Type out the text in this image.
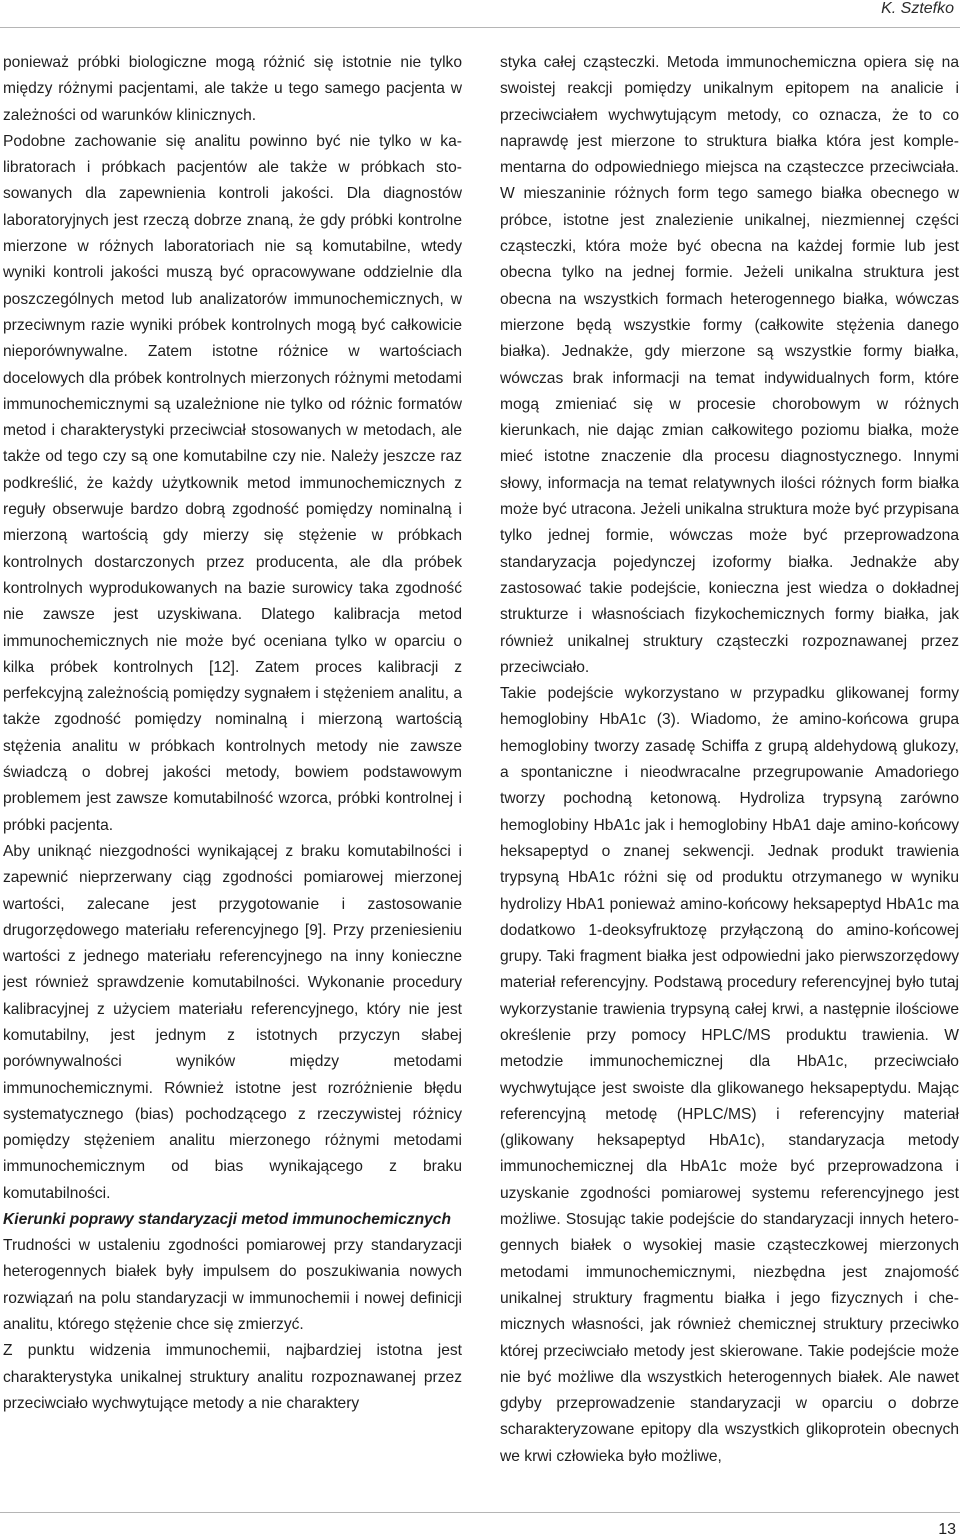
K. Sztefko

ponieważ próbki biologiczne mogą różnić się istotnie nie tylko między różnymi pacjentami, ale także u tego samego pacjenta w zależności od warunków klinicznych.

Podobne zachowanie się analitu powinno być nie tylko w kalibratorach i próbkach pacjentów ale także w próbkach stosowanych dla zapewnienia kontroli jakości. Dla diagnostów laboratoryjnych jest rzeczą dobrze znaną, że gdy próbki kontrolne mierzone w różnych laboratoriach nie są komutabilne, wtedy wyniki kontroli jakości muszą być opracowywane oddzielnie dla poszczególnych metod lub analizatorów immunochemicznych, w przeciwnym razie wyniki próbek kontrolnych mogą być całkowicie nieporównywalne. Zatem istotne różnice w wartościach docelowych dla próbek kontrolnych mierzonych różnymi metodami immunochemicznymi są uzależnione nie tylko od różnic formatów metod i charakterystyki przeciwciał stosowanych w metodach, ale także od tego czy są one komutabilne czy nie. Należy jeszcze raz podkreślić, że każdy użytkownik metod immunochemicznych z reguły obserwuje bardzo dobrą zgodność pomiędzy nominalną i mierzoną wartością gdy mierzy się stężenie w próbkach kontrolnych dostarczonych przez producenta, ale dla próbek kontrolnych wyprodukowanych na bazie surowicy taka zgodność nie zawsze jest uzyskiwana. Dlatego kalibracja metod immunochemicznych nie może być oceniana tylko w oparciu o kilka próbek kontrolnych [12]. Zatem proces kalibracji z perfekcyjną zależnością pomiędzy sygnałem i stężeniem analitu, a także zgodność pomiędzy nominalną i mierzoną wartością stężenia analitu w próbkach kontrolnych metody nie zawsze świadczą o dobrej jakości metody, bowiem podstawowym problemem jest zawsze komutabilność wzorca, próbki kontrolnej i próbki pacjenta.

Aby uniknąć niezgodności wynikającej z braku komutabilności i zapewnić nieprzerwany ciąg zgodności pomiarowej mierzonej wartości, zalecane jest przygotowanie i zastosowanie drugorzędowego materiału referencyjnego [9]. Przy przeniesieniu wartości z jednego materiału referencyjnego na inny konieczne jest również sprawdzenie komutabilności. Wykonanie procedury kalibracyjnej z użyciem materiału referencyjnego, który nie jest komutabilny, jest jednym z istotnych przyczyn słabej porównywalności wyników między metodami immunochemicznymi. Również istotne jest rozróżnienie błędu systematycznego (bias) pochodzącego z rzeczywistej różnicy pomiędzy stężeniem analitu mierzonego różnymi metodami immunochemicznym od bias wynikającego z braku komutabilności.

Kierunki poprawy standaryzacji metod immunochemicznych

Trudności w ustaleniu zgodności pomiarowej przy standaryzacji heterogennych białek były impulsem do poszukiwania nowych rozwiązań na polu standaryzacji w immunochemii i nowej definicji analitu, którego stężenie chce się zmierzyć.

Z punktu widzenia immunochemii, najbardziej istotna jest charakterystyka unikalnej struktury analitu rozpoznawanej przez przeciwciało wychwytujące metody a nie charaktery

styka całej cząsteczki. Metoda immunochemiczna opiera się na swoistej reakcji pomiędzy unikalnym epitopem na analicie i przeciwciałem wychwytującym metody, co oznacza, że to co naprawdę jest mierzone to struktura białka która jest komplementarna do odpowiedniego miejsca na cząsteczce przeciwciała. W mieszaninie różnych form tego samego białka obecnego w próbce, istotne jest znalezienie unikalnej, niezmiennej części cząsteczki, która może być obecna na każdej formie lub jest obecna tylko na jednej formie. Jeżeli unikalna struktura jest obecna na wszystkich formach heterogennego białka, wówczas mierzone będą wszystkie formy (całkowite stężenia danego białka). Jednakże, gdy mierzone są wszystkie formy białka, wówczas brak informacji na temat indywidualnych form, które mogą zmieniać się w procesie chorobowym w różnych kierunkach, nie dając zmian całkowitego poziomu białka, może mieć istotne znaczenie dla procesu diagnostycznego. Innymi słowy, informacja na temat relatywnych ilości różnych form białka może być utracona. Jeżeli unikalna struktura może być przypisana tylko jednej formie, wówczas może być przeprowadzona standaryzacja pojedynczej izoformy białka. Jednakże aby zastosować takie podejście, konieczna jest wiedza o dokładnej strukturze i własnościach fizykochemicznych formy białka, jak również unikalnej struktury cząsteczki rozpoznawanej przez przeciwciało.

Takie podejście wykorzystano w przypadku glikowanej formy hemoglobiny HbA1c (3). Wiadomo, że amino-końcowa grupa hemoglobiny tworzy zasadę Schiffa z grupą aldehydową glukozy, a spontaniczne i nieodwracalne przegrupowanie Amadoriego tworzy pochodną ketonową. Hydroliza trypsyną zarówno hemoglobiny HbA1c jak i hemoglobiny HbA1 daje amino-końcowy heksapeptyd o znanej sekwencji. Jednak produkt trawienia trypsyną HbA1c różni się od produktu otrzymanego w wyniku hydrolizy HbA1 ponieważ amino-końcowy heksapeptyd HbA1c ma dodatkowo 1-deoksyfruktozę przyłączoną do amino-końcowej grupy. Taki fragment białka jest odpowiedni jako pierwszorzędowy materiał referencyjny. Podstawą procedury referencyjnej było tutaj wykorzystanie trawienia trypsyną całej krwi, a następnie ilościowe określenie przy pomocy HPLC/MS produktu trawienia. W metodzie immunochemicznej dla HbA1c, przeciwciało wychwytujące jest swoiste dla glikowanego heksapeptydu. Mając referencyjną metodę (HPLC/MS) i referencyjny materiał (glikowany heksapeptyd HbA1c), standaryzacja metody immunochemicznej dla HbA1c może być przeprowadzona i uzyskanie zgodności pomiarowej systemu referencyjnego jest możliwe. Stosując takie podejście do standaryzacji innych heterogennych białek o wysokiej masie cząsteczkowej mierzonych metodami immunochemicznymi, niezbędna jest znajomość unikalnej struktury fragmentu białka i jego fizycznych i chemicznych własności, jak również chemicznej struktury przeciwko której przeciwciało metody jest skierowane. Takie podejście może nie być możliwe dla wszystkich heterogennych białek. Ale nawet gdyby przeprowadzenie standaryzacji w oparciu o dobrze scharakteryzowane epitopy dla wszystkich glikoprotein obecnych we krwi człowieka było możliwe,

13
